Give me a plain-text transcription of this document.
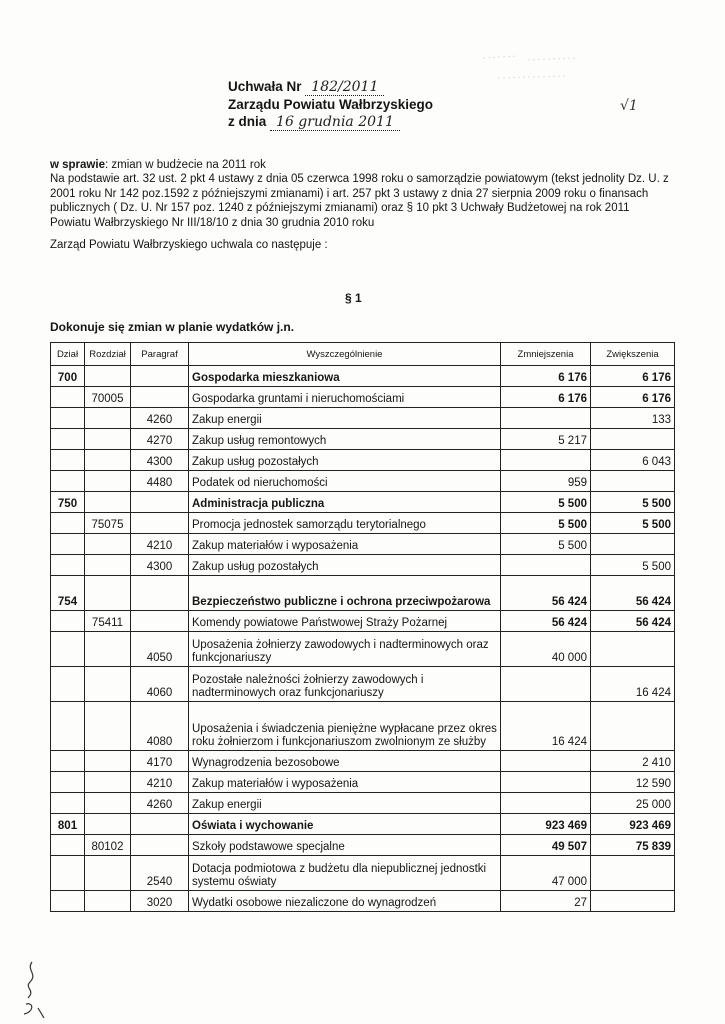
Uchwała Nr 182/2011
Zarządu Powiatu Wałbrzyskiego
z dnia 16 grudnia 2011
√1

w sprawie: zmian w budżecie na 2011 rok

Na podstawie art. 32 ust. 2 pkt 4 ustawy z dnia 05 czerwca 1998 roku o samorządzie powiatowym (tekst jednolity Dz. U. z 2001 roku Nr 142 poz.1592 z późniejszymi zmianami) i art. 257 pkt 3 ustawy z dnia 27 sierpnia 2009 roku o finansach publicznych ( Dz. U. Nr 157 poz. 1240 z późniejszymi zmianami) oraz § 10 pkt 3 Uchwały Budżetowej na rok 2011 Powiatu Wałbrzyskiego Nr III/18/10 z dnia 30 grudnia 2010 roku

Zarząd Powiatu Wałbrzyskiego uchwala co następuje :

§ 1
Dokonuje się zmian w planie wydatków j.n.
Dział	Rozdział	Paragraf	Wyszczególnienie	Zmniejszenia	Zwiększenia
700			Gospodarka mieszkaniowa	6 176	6 176
	70005		Gospodarka gruntami i nieruchomościami	6 176	6 176
		4260	Zakup energii		133
		4270	Zakup usług remontowych	5 217	
		4300	Zakup usług pozostałych		6 043
		4480	Podatek od nieruchomości	959	
750			Administracja publiczna	5 500	5 500
	75075		Promocja jednostek samorządu terytorialnego	5 500	5 500
		4210	Zakup materiałów i wyposażenia	5 500	
		4300	Zakup usług pozostałych		5 500
754			Bezpieczeństwo publiczne i ochrona przeciwpożarowa	56 424	56 424
	75411		Komendy powiatowe Państwowej Straży Pożarnej	56 424	56 424
		4050	Uposażenia żołnierzy zawodowych i nadterminowych oraz funkcjonariuszy	40 000	
		4060	Pozostałe należności żołnierzy zawodowych i nadterminowych oraz funkcjonariuszy		16 424
		4080	Uposażenia i świadczenia pieniężne wypłacane przez okres roku żołnierzom i funkcjonariuszom zwolnionym ze służby	16 424	
		4170	Wynagrodzenia bezosobowe		2 410
		4210	Zakup materiałów i wyposażenia		12 590
		4260	Zakup energii		25 000
801			Oświata i wychowanie	923 469	923 469
	80102		Szkoły podstawowe specjalne	49 507	75 839
		2540	Dotacja podmiotowa z budżetu dla niepublicznej jednostki systemu oświaty	47 000	
		3020	Wydatki osobowe niezaliczone do wynagrodzeń	27	
